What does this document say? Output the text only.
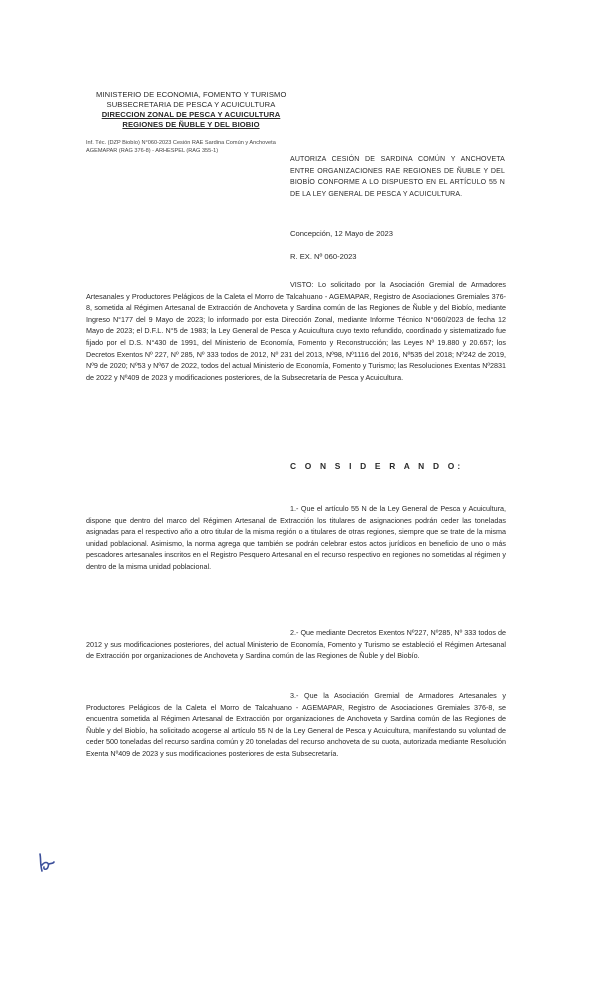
MINISTERIO DE ECONOMIA, FOMENTO Y TURISMO
SUBSECRETARIA DE PESCA Y ACUICULTURA
DIRECCION ZONAL DE PESCA Y ACUICULTURA
REGIONES DE ÑUBLE Y DEL BIOBIO
Inf. Téc. (DZP Biobío) N°060-2023 Cesión RAE Sardina Común y Anchoveta
AGEMAPAR (RAG 376-8) - ARHESPEL (RAG 355-1)
AUTORIZA CESIÓN DE SARDINA COMÚN Y ANCHOVETA ENTRE ORGANIZACIONES RAE REGIONES DE ÑUBLE Y DEL BIOBÍO CONFORME A LO DISPUESTO EN EL ARTÍCULO 55 N DE LA LEY GENERAL DE PESCA Y ACUICULTURA.
Concepción, 12 Mayo de 2023
R. EX. Nº 060-2023

VISTO: Lo solicitado por la Asociación Gremial de Armadores Artesanales y Productores Pelágicos de la Caleta el Morro de Talcahuano - AGEMAPAR, Registro de Asociaciones Gremiales 376-8, sometida al Régimen Artesanal de Extracción de Anchoveta y Sardina común de las Regiones de Ñuble y del Biobío, mediante Ingreso N°177 del 9 Mayo de 2023; lo informado por esta Dirección Zonal, mediante Informe Técnico N°060/2023 de fecha 12 Mayo de 2023; el D.F.L. N°5 de 1983; la Ley General de Pesca y Acuicultura cuyo texto refundido, coordinado y sistematizado fue fijado por el D.S. N°430 de 1991, del Ministerio de Economía, Fomento y Reconstrucción; las Leyes Nº 19.880 y 20.657; los Decretos Exentos Nº 227, Nº 285, Nº 333 todos de 2012, Nº 231 del 2013, Nº98, Nº1116 del 2016, Nº535 del 2018; Nº242 de 2019, Nº9 de 2020; Nº53 y Nº67 de 2022, todos del actual Ministerio de Economía, Fomento y Turismo; las Resoluciones Exentas Nº2831 de 2022 y Nº409 de 2023 y modificaciones posteriores, de la Subsecretaría de Pesca y Acuicultura.

C O N S I D E R A N D O:

1.- Que el artículo 55 N de la Ley General de Pesca y Acuicultura, dispone que dentro del marco del Régimen Artesanal de Extracción los titulares de asignaciones podrán ceder las toneladas asignadas para el respectivo año a otro titular de la misma región o a titulares de otras regiones, siempre que se trate de la misma unidad poblacional. Asimismo, la norma agrega que también se podrán celebrar estos actos jurídicos en beneficio de uno o más pescadores artesanales inscritos en el Registro Pesquero Artesanal en el recurso respectivo en regiones no sometidas al régimen y dentro de la misma unidad poblacional.

2.- Que mediante Decretos Exentos Nº227, Nº285, Nº 333 todos de 2012 y sus modificaciones posteriores, del actual Ministerio de Economía, Fomento y Turismo se estableció el Régimen Artesanal de Extracción por organizaciones de Anchoveta y Sardina común de las Regiones de Ñuble y del Biobío.

3.- Que la Asociación Gremial de Armadores Artesanales y Productores Pelágicos de la Caleta el Morro de Talcahuano - AGEMAPAR, Registro de Asociaciones Gremiales 376-8, se encuentra sometida al Régimen Artesanal de Extracción por organizaciones de Anchoveta y Sardina común de las Regiones de Ñuble y del Biobío, ha solicitado acogerse al artículo 55 N de la Ley General de Pesca y Acuicultura, manifestando su voluntad de ceder 500 toneladas del recurso sardina común y 20 toneladas del recurso anchoveta de su cuota, autorizada mediante Resolución Exenta Nº409 de 2023 y sus modificaciones posteriores de esta Subsecretaría.
